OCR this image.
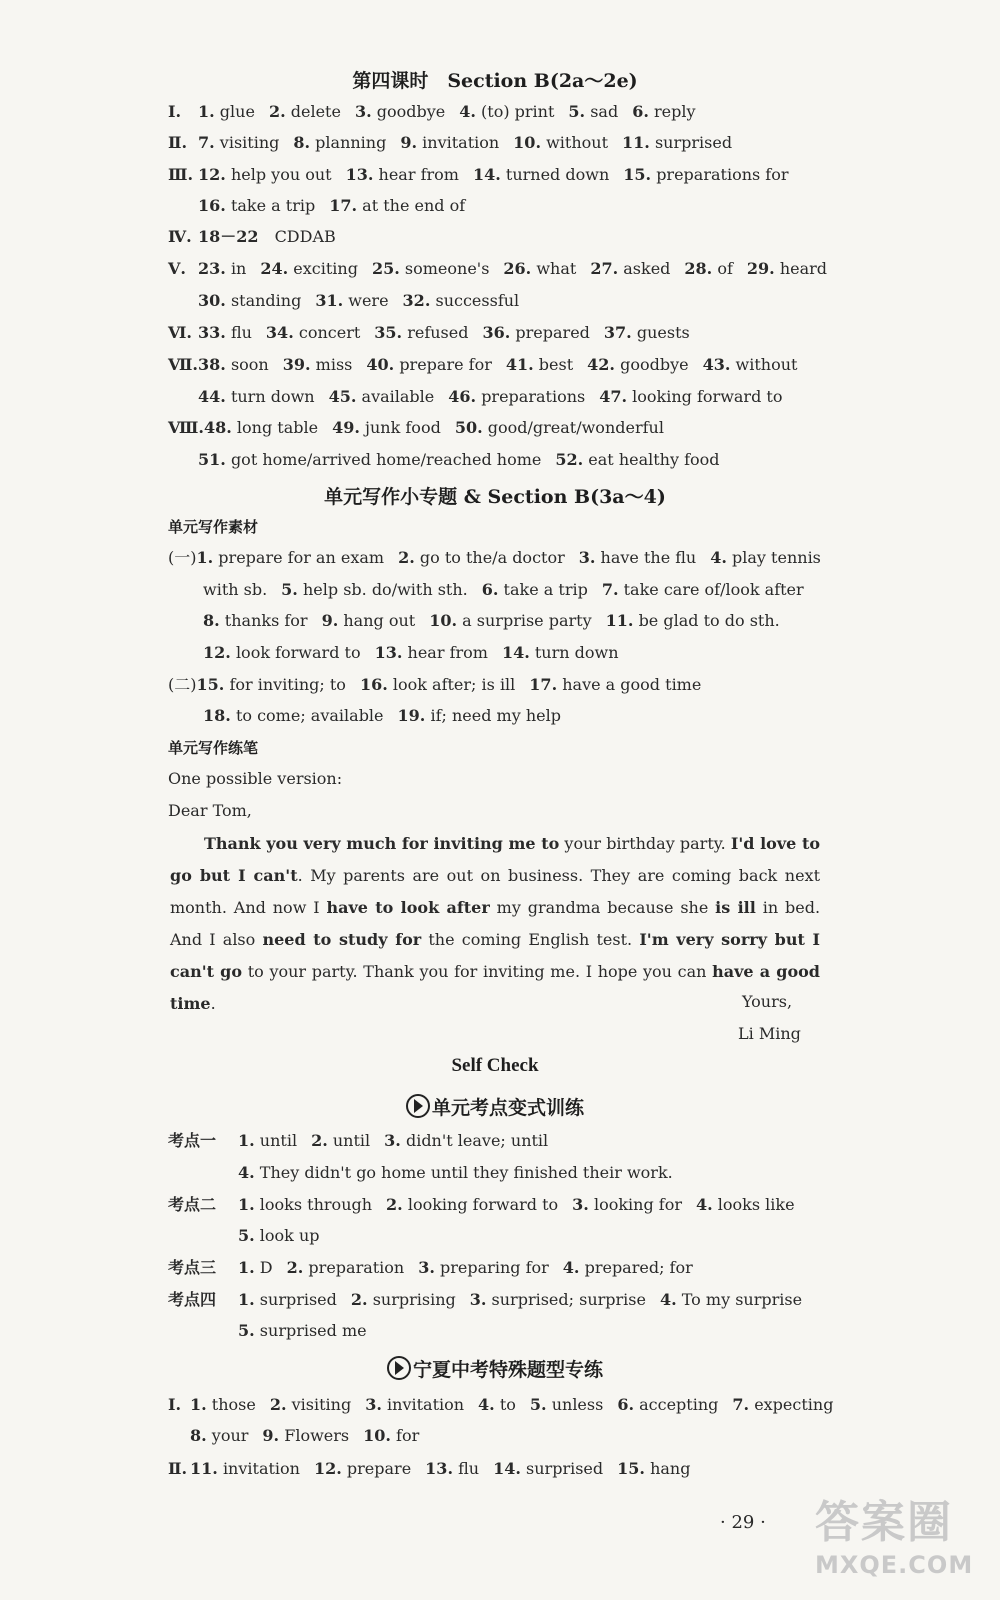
第四课时　Section B(2a～2e)
Ⅰ. 1. glue 2. delete 3. goodbye 4. (to) print 5. sad 6. reply
Ⅱ. 7. visiting 8. planning 9. invitation 10. without 11. surprised
Ⅲ. 12. help you out 13. hear from 14. turned down 15. preparations for
16. take a trip 17. at the end of
Ⅳ. 18－22　 CDDAB
Ⅴ. 23. in 24. exciting 25. someone's 26. what 27. asked 28. of 29. heard
30. standing 31. were 32. successful
Ⅵ. 33. flu 34. concert 35. refused 36. prepared 37. guests
Ⅶ.38. soon 39. miss 40. prepare for 41. best 42. goodbye 43. without
44. turn down 45. available 46. preparations 47. looking forward to
Ⅷ.48. long table 49. junk food 50. good/great/wonderful
51. got home/arrived home/reached home 52. eat healthy food
单元写作小专题 & Section B(3a～4)
单元写作素材
(一)1. prepare for an exam 2. go to the/a doctor 3. have the flu 4. play tennis
with sb. 5. help sb. do/with sth. 6. take a trip 7. take care of/look after
8. thanks for 9. hang out 10. a surprise party 11. be glad to do sth.
12. look forward to 13. hear from 14. turn down
(二)15. for inviting; to 16. look after; is ill 17. have a good time
18. to come; available 19. if; need my help
单元写作练笔
One possible version:
Dear Tom,
Thank you very much for inviting me to your birthday party. I'd love to go but I can't. My parents are out on business. They are coming back next month. And now I have to look after my grandma because she is ill in bed. And I also need to study for the coming English test. I'm very sorry but I can't go to your party. Thank you for inviting me. I hope you can have a good time.	Yours,
Li Ming
Self Check
单元考点变式训练
考点一 1. until 2. until 3. didn't leave; until
4. They didn't go home until they finished their work.
考点二 1. looks through 2. looking forward to 3. looking for 4. looks like
5. look up
考点三 1. D 2. preparation 3. preparing for 4. prepared; for
考点四 1. surprised 2. surprising 3. surprised; surprise 4. To my surprise
5. surprised me
宁夏中考特殊题型专练
Ⅰ. 1. those 2. visiting 3. invitation 4. to 5. unless 6. accepting 7. expecting
8. your 9. Flowers 10. for
Ⅱ. 11. invitation 12. prepare 13. flu 14. surprised 15. hang
· 29 · 答案圈
MXQE.COM
